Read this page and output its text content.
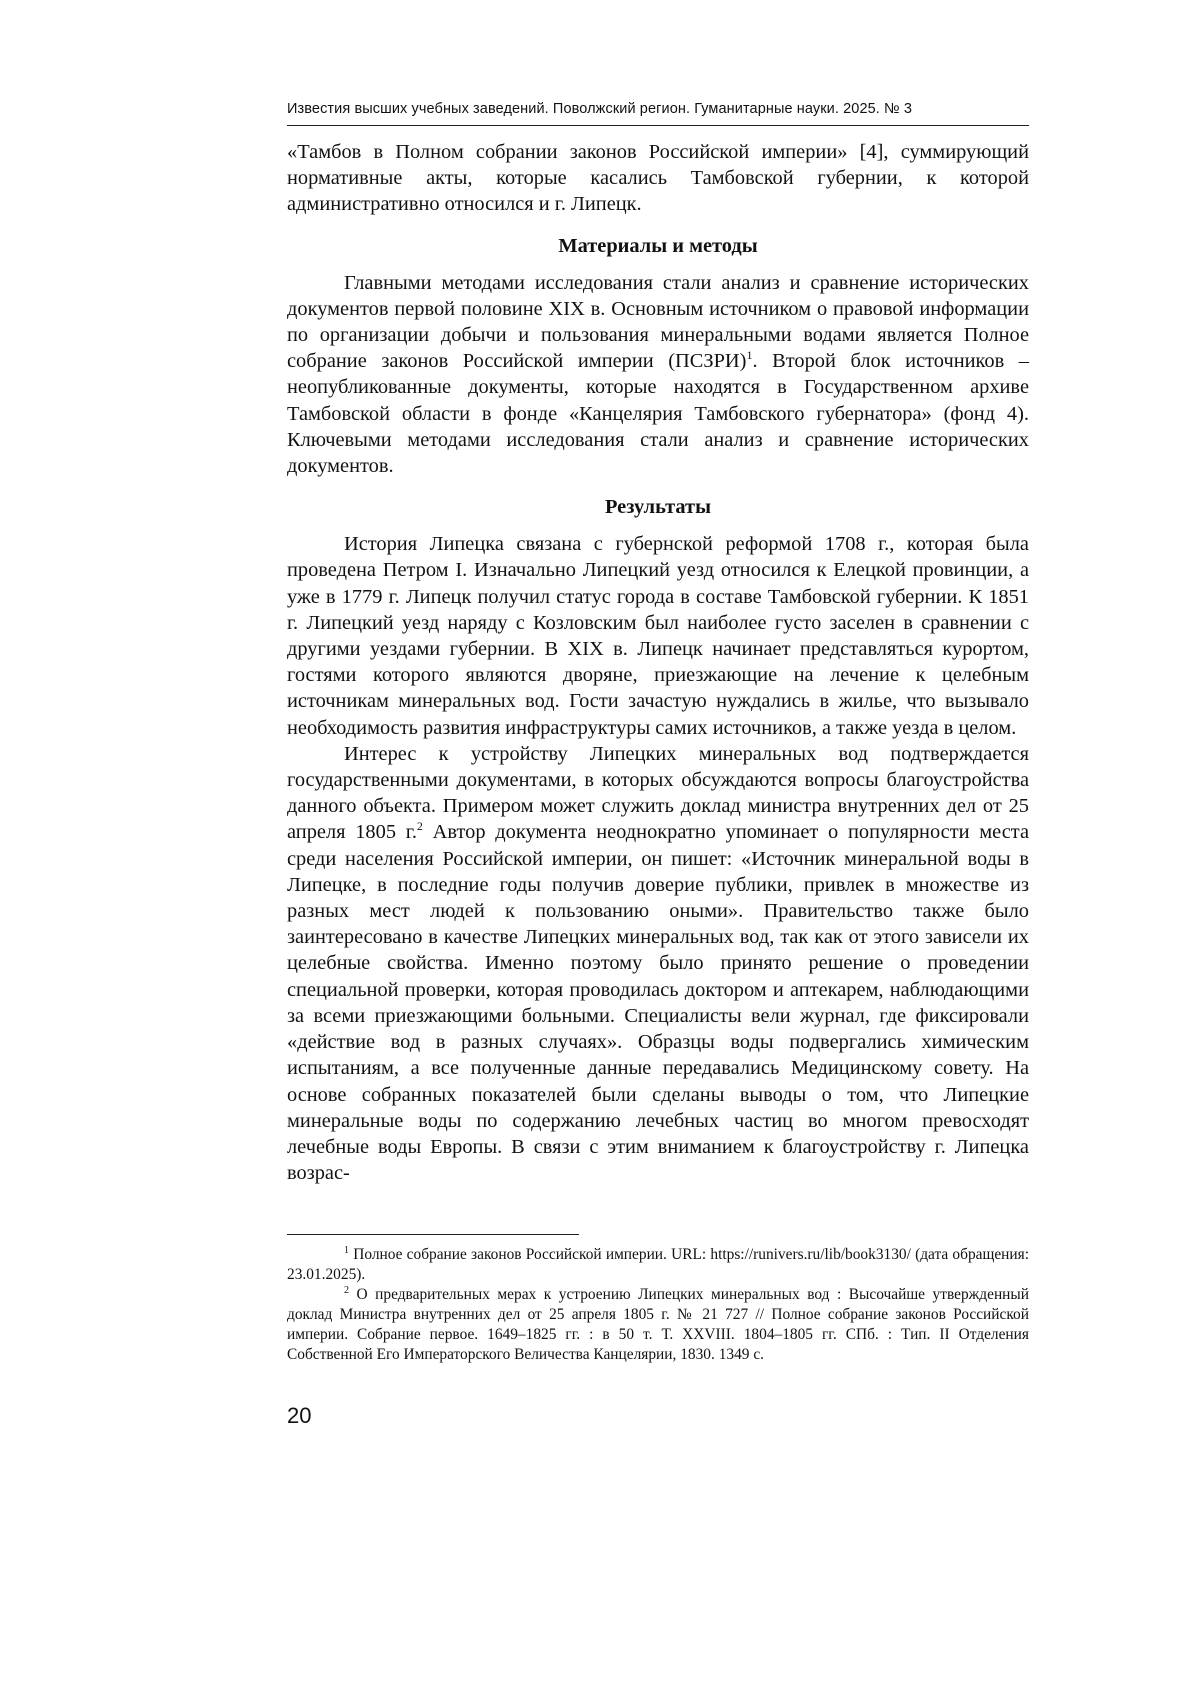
Известия высших учебных заведений. Поволжский регион. Гуманитарные науки. 2025. № 3

«Тамбов в Полном собрании законов Российской империи» [4], суммирующий нормативные акты, которые касались Тамбовской губернии, к которой административно относился и г. Липецк.

Материалы и методы

Главными методами исследования стали анализ и сравнение исторических документов первой половине XIX в. Основным источником о правовой информации по организации добычи и пользования минеральными водами является Полное собрание законов Российской империи (ПСЗРИ)$^1$. Второй блок источников – неопубликованные документы, которые находятся в Государственном архиве Тамбовской области в фонде «Канцелярия Тамбовского губернатора» (фонд 4). Ключевыми методами исследования стали анализ и сравнение исторических документов.

Результаты

История Липецка связана с губернской реформой 1708 г., которая была проведена Петром I. Изначально Липецкий уезд относился к Елецкой провинции, а уже в 1779 г. Липецк получил статус города в составе Тамбовской губернии. К 1851 г. Липецкий уезд наряду с Козловским был наиболее густо заселен в сравнении с другими уездами губернии. В XIX в. Липецк начинает представляться курортом, гостями которого являются дворяне, приезжающие на лечение к целебным источникам минеральных вод. Гости зачастую нуждались в жилье, что вызывало необходимость развития инфраструктуры самих источников, а также уезда в целом.

Интерес к устройству Липецких минеральных вод подтверждается государственными документами, в которых обсуждаются вопросы благоустройства данного объекта. Примером может служить доклад министра внутренних дел от 25 апреля 1805 г.$^2$ Автор документа неоднократно упоминает о популярности места среди населения Российской империи, он пишет: «Источник минеральной воды в Липецке, в последние годы получив доверие публики, привлек в множестве из разных мест людей к пользованию оными». Правительство также было заинтересовано в качестве Липецких минеральных вод, так как от этого зависели их целебные свойства. Именно поэтому было принято решение о проведении специальной проверки, которая проводилась доктором и аптекарем, наблюдающими за всеми приезжающими больными. Специалисты вели журнал, где фиксировали «действие вод в разных случаях». Образцы воды подвергались химическим испытаниям, а все полученные данные передавались Медицинскому совету. На основе собранных показателей были сделаны выводы о том, что Липецкие минеральные воды по содержанию лечебных частиц во многом превосходят лечебные воды Европы. В связи с этим вниманием к благоустройству г. Липецка возрас-

$^1$ Полное собрание законов Российской империи. URL: https://runivers.ru/lib/book3130/ (дата обращения: 23.01.2025).

$^2$ О предварительных мерах к устроению Липецких минеральных вод : Высочайше утвержденный доклад Министра внутренних дел от 25 апреля 1805 г. № 21 727 // Полное собрание законов Российской империи. Собрание первое. 1649–1825 гг. : в 50 т. Т. XXVIII. 1804–1805 гг. СПб. : Тип. II Отделения Собственной Его Императорского Величества Канцелярии, 1830. 1349 с.

20
